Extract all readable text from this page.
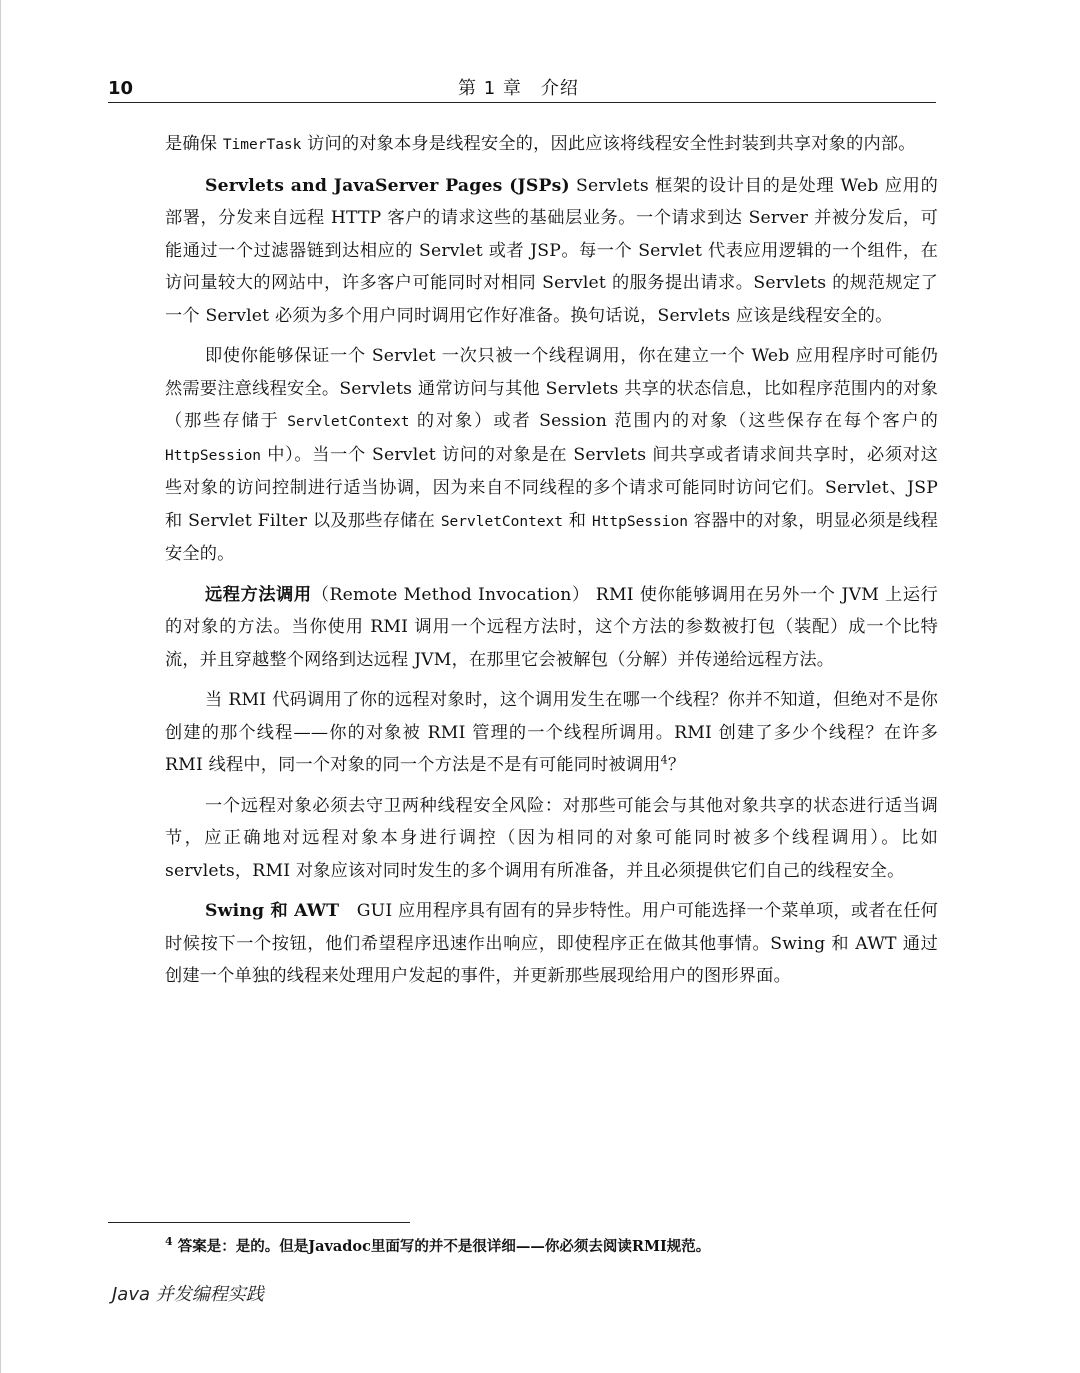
10	第 1 章　介绍

是确保 TimerTask 访问的对象本身是线程安全的，因此应该将线程安全性封装到共享对象的内部。

Servlets and JavaServer Pages (JSPs) Servlets 框架的设计目的是处理 Web 应用的部署，分发来自远程 HTTP 客户的请求这些的基础层业务。一个请求到达 Server 并被分发后，可能通过一个过滤器链到达相应的 Servlet 或者 JSP。每一个 Servlet 代表应用逻辑的一个组件，在访问量较大的网站中，许多客户可能同时对相同 Servlet 的服务提出请求。Servlets 的规范规定了一个 Servlet 必须为多个用户同时调用它作好准备。换句话说，Servlets 应该是线程安全的。

即使你能够保证一个 Servlet 一次只被一个线程调用，你在建立一个 Web 应用程序时可能仍然需要注意线程安全。Servlets 通常访问与其他 Servlets 共享的状态信息，比如程序范围内的对象（那些存储于 ServletContext 的对象）或者 Session 范围内的对象（这些保存在每个客户的 HttpSession 中）。当一个 Servlet 访问的对象是在 Servlets 间共享或者请求间共享时，必须对这些对象的访问控制进行适当协调，因为来自不同线程的多个请求可能同时访问它们。Servlet、JSP 和 Servlet Filter 以及那些存储在 ServletContext 和 HttpSession 容器中的对象，明显必须是线程安全的。

远程方法调用（Remote Method Invocation） RMI 使你能够调用在另外一个 JVM 上运行的对象的方法。当你使用 RMI 调用一个远程方法时，这个方法的参数被打包（装配）成一个比特流，并且穿越整个网络到达远程 JVM，在那里它会被解包（分解）并传递给远程方法。

当 RMI 代码调用了你的远程对象时，这个调用发生在哪一个线程？你并不知道，但绝对不是你创建的那个线程——你的对象被 RMI 管理的一个线程所调用。RMI 创建了多少个线程？在许多 RMI 线程中，同一个对象的同一个方法是不是有可能同时被调用$^4$？

一个远程对象必须去守卫两种线程安全风险：对那些可能会与其他对象共享的状态进行适当调节，应正确地对远程对象本身进行调控（因为相同的对象可能同时被多个线程调用）。比如 servlets，RMI 对象应该对同时发生的多个调用有所准备，并且必须提供它们自己的线程安全。

Swing 和 AWT　GUI 应用程序具有固有的异步特性。用户可能选择一个菜单项，或者在任何时候按下一个按钮，他们希望程序迅速作出响应，即使程序正在做其他事情。Swing 和 AWT 通过创建一个单独的线程来处理用户发起的事件，并更新那些展现给用户的图形界面。

$^4$ 答案是：是的。但是Javadoc里面写的并不是很详细——你必须去阅读RMI规范。
Java 并发编程实践
